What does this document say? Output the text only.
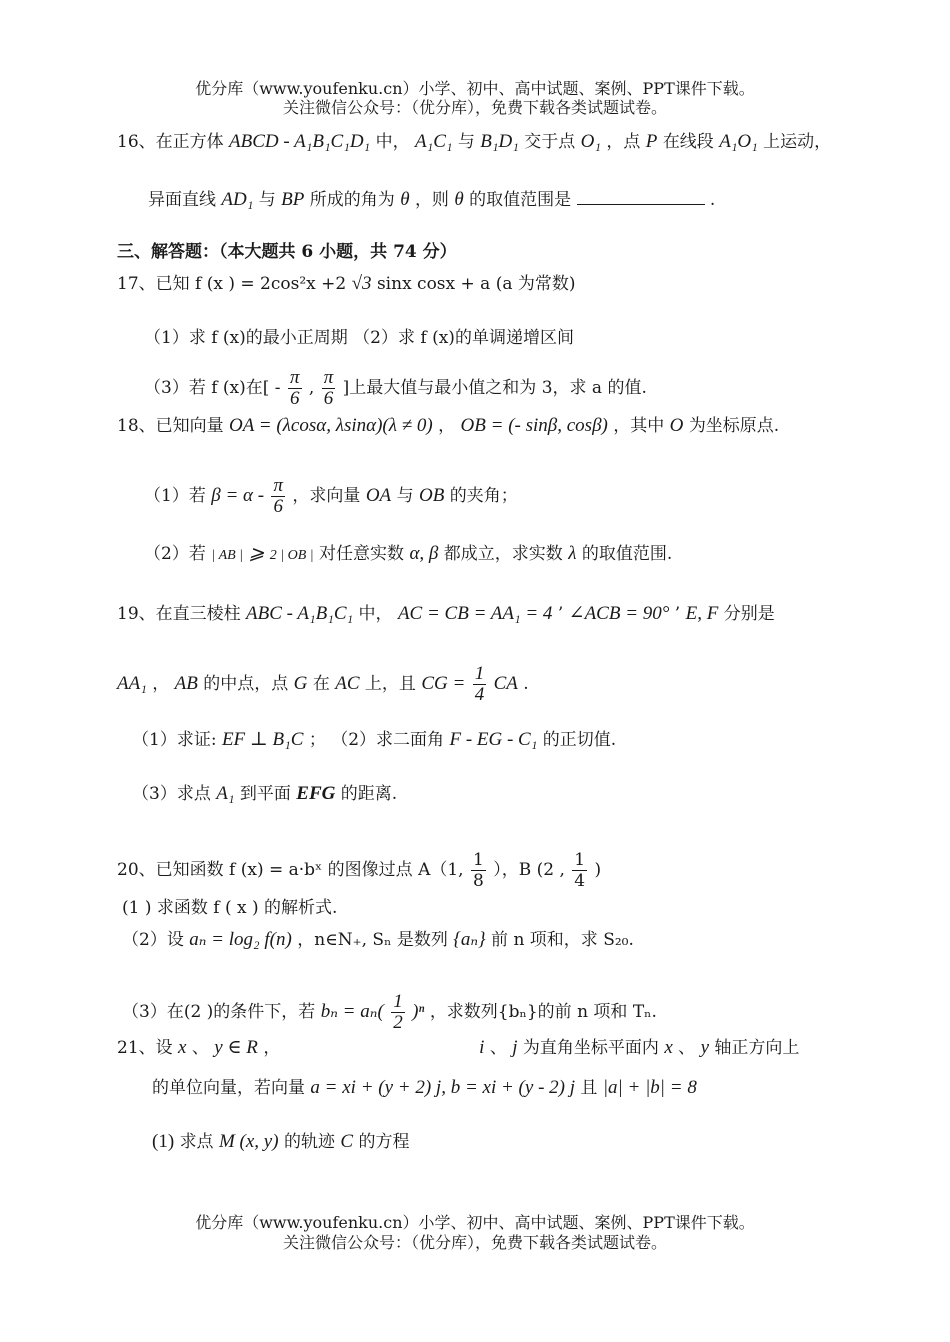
优分库（www.youfenku.cn）小学、初中、高中试题、案例、PPT课件下载。
关注微信公众号：（优分库），免费下载各类试题试卷。
16、在正方体 ABCD - A₁B₁C₁D₁ 中， A₁C₁ 与 B₁D₁ 交于点 O₁ ，点 P 在线段 A₁O₁ 上运动，
异面直线 AD₁ 与 BP 所成的角为 θ ，则 θ 的取值范围是	.
三、解答题：（本大题共 6 小题，共 74 分）
17、已知 f (x ) = 2cos²x +2 √3 sinx cosx + a (a 为常数)
（1）求 f (x)的最小正周期 （2）求 f (x)的单调递增区间
（3）若 f (x)在[ - $\frac{\pi}{6}$ , $\frac{\pi}{6}$ ]上最大值与最小值之和为 3，求 a 的值.
18、已知向量 OA = (λcosα, λsinα)(λ ≠ 0) ， OB = (- sinβ, cosβ) ，其中 O 为坐标原点.
（1）若 $\beta = \alpha - \frac{\pi}{6}$ ，求向量 OA 与 OB 的夹角；
（2）若 | AB | ⩾ 2 | OB | 对任意实数 α, β 都成立，求实数 λ 的取值范围.
19、在直三棱柱 ABC - A₁B₁C₁ 中， AC = CB = AA₁ = 4 ’ ∠ACB = 90° ’ E, F 分别是
AA₁ ， AB 的中点，点 G 在 AC 上，且 CG = $\frac{1}{4}$ CA .
（1）求证: EF ⊥ B₁C ； （2）求二面角 F - EG - C₁ 的正切值.
（3）求点 A₁ 到平面 EFG 的距离.
20、已知函数 f (x) = a·bˣ 的图像过点 A（1, $\frac{1}{8}$ ），B (2 , $\frac{1}{4}$ )
(1 ) 求函数 f ( x ) 的解析式.
（2）设 aₙ = log₂ f(n) ，n∈N₊, Sₙ 是数列 {aₙ} 前 n 项和，求 S₂₀.
（3）在(2 )的条件下，若 $b_n = a_n( \frac{1}{2} )^n$ ，求数列{bₙ}的前 n 项和 Tₙ.
21、设 x 、 y ∈ R ，	i 、 j 为直角坐标平面内 x 、 y 轴正方向上
的单位向量，若向量 a = xi + (y + 2) j, b = xi + (y - 2) j 且 |a| + |b| = 8
(1) 求点 M (x, y) 的轨迹 C 的方程
优分库（www.youfenku.cn）小学、初中、高中试题、案例、PPT课件下载。
关注微信公众号：（优分库），免费下载各类试题试卷。
